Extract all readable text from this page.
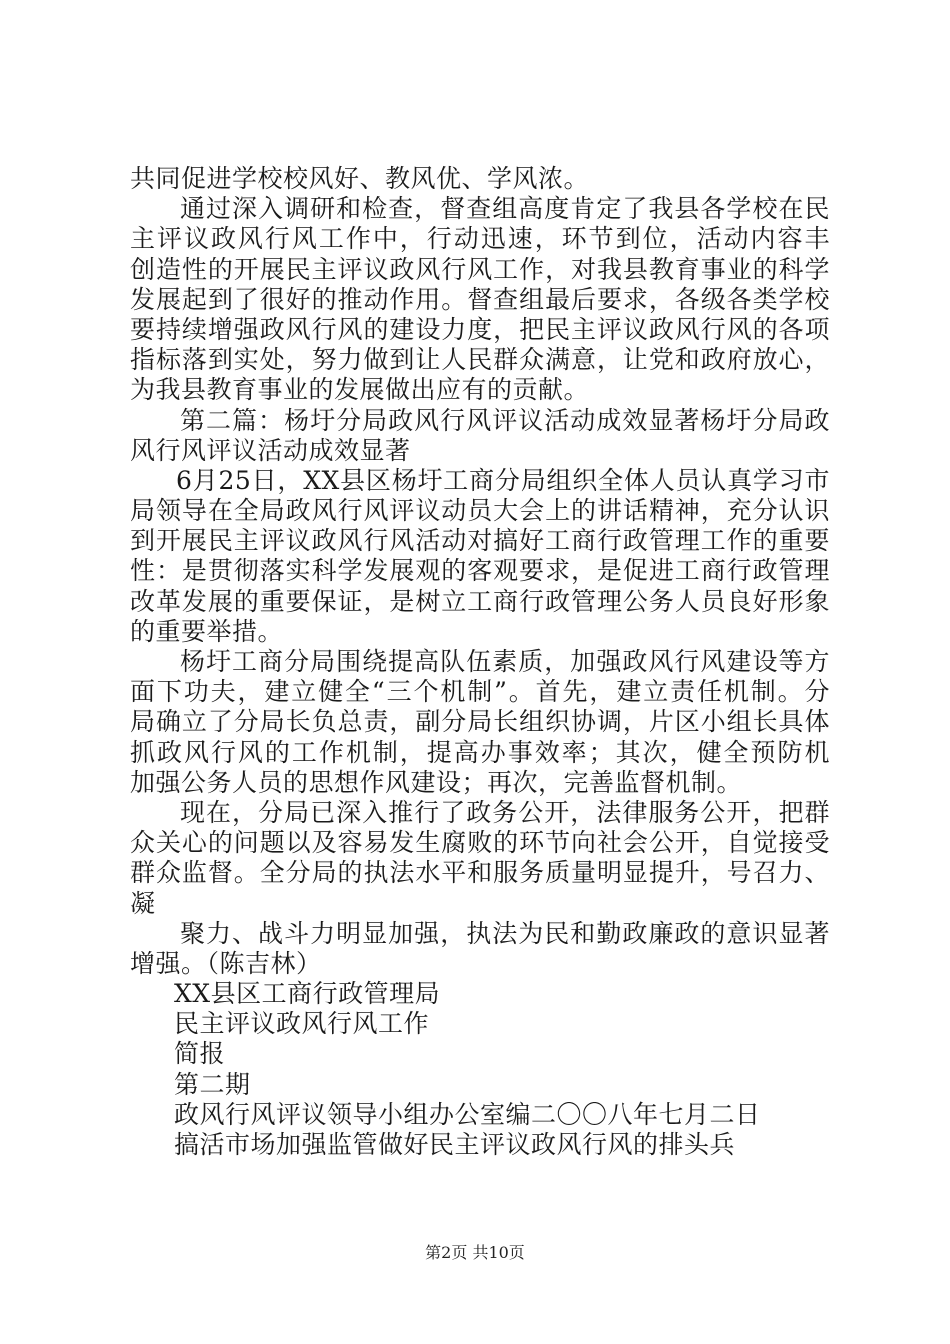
共同促进学校校风好、教风优、学风浓。
通过深入调研和检查，督查组高度肯定了我县各学校在民
主评议政风行风工作中，行动迅速，环节到位，活动内容丰
创造性的开展民主评议政风行风工作，对我县教育事业的科学
发展起到了很好的推动作用。督查组最后要求，各级各类学校
要持续增强政风行风的建设力度，把民主评议政风行风的各项
指标落到实处，努力做到让人民群众满意，让党和政府放心，
为我县教育事业的发展做出应有的贡献。
第二篇：杨圩分局政风行风评议活动成效显著杨圩分局政
风行风评议活动成效显著
6月25日，XX县区杨圩工商分局组织全体人员认真学习市
局领导在全局政风行风评议动员大会上的讲话精神，充分认识
到开展民主评议政风行风活动对搞好工商行政管理工作的重要
性：是贯彻落实科学发展观的客观要求，是促进工商行政管理
改革发展的重要保证，是树立工商行政管理公务人员良好形象
的重要举措。
杨圩工商分局围绕提高队伍素质，加强政风行风建设等方
面下功夫，建立健全“三个机制”。首先，建立责任机制。分
局确立了分局长负总责，副分局长组织协调，片区小组长具体
抓政风行风的工作机制，提高办事效率；其次，健全预防机
加强公务人员的思想作风建设；再次，完善监督机制。
现在，分局已深入推行了政务公开，法律服务公开，把群
众关心的问题以及容易发生腐败的环节向社会公开，自觉接受
群众监督。全分局的执法水平和服务质量明显提升，号召力、
凝
聚力、战斗力明显加强，执法为民和勤政廉政的意识显著
增强。（陈吉林）
XX县区工商行政管理局
民主评议政风行风工作
简报
第二期
政风行风评议领导小组办公室编二〇〇八年七月二日
搞活市场加强监管做好民主评议政风行风的排头兵
第2页 共10页
